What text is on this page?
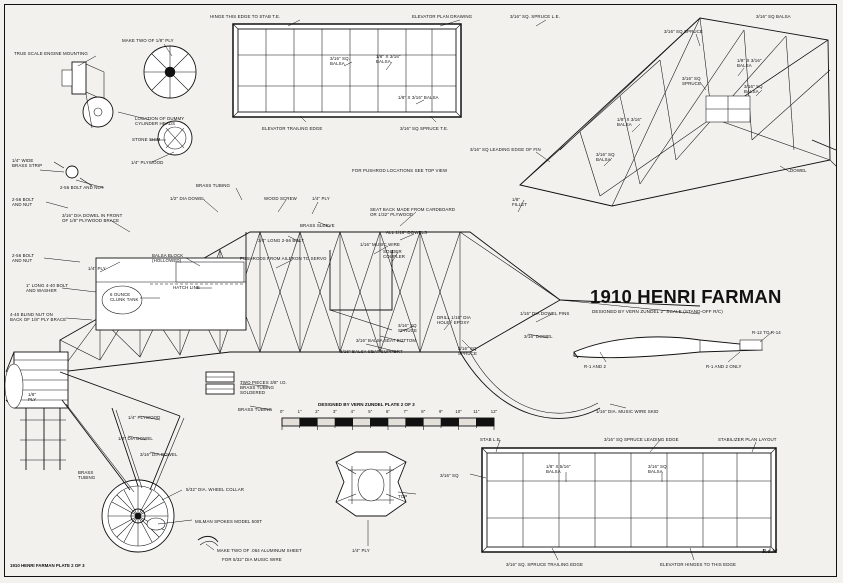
HINGE THIS EDGE TO STAB T.E.	ELEVATOR PLAN DRAWING	3/16" SQ. SPRUCE L.E.	3/16" SQ BALSA
3/16" SQ SPRUCE
3/16" SQ.
BALSA
1/8" X 3/16"
BALSA	1/8" X 3/16"
BALSA
3/16" SQ
SPRUCE
1/8" X 3/16" BALSA
3/16" SQ
BALSA
ELEVATOR TRAILING EDGE	3/16" SQ SPRUCE T.E.
1/8" X 3/16"
BALSA
3/16" SQ LEADING EDGE OF FIN
3/16" SQ
BALSA
DOWEL
FOR PUSHROD LOCATIONS SEE TOP VIEW
TRUE SCALE ENGINE MOUNTING
MAKE TWO OF 1/8" PLY
LOCATION OF DUMMY
CYLINDER HEADS
STONE SHIM
1/4" PLYWOOD
1/4" WIDE
BRASS STRIP
2-56 BOLT AND NUT
2-56 BOLT
AND NUT
3/16" DIA DOWEL IN FRONT
OF 1/8" PLYWOOD BRACE
2-56 BOLT
AND NUT
1/4" PLY
1" LONG 4-40 BOLT
AND WASHER
4-40 BLIND NUT ON
BACK OF 1/8" PLY BRACE
1/8"
PLY
BRASS
TUBING
1/4" PLYWOOD
1/2" DIA DOWEL
3/16" DIA DOWEL
5/32" DIA. WHEEL COLLAR
MILMAN SPOKES MODEL 500T
MAKE TWO OF .064 ALUMINUM SHEET
FOR 5/32" DIA MUSIC WIRE
BRASS TUBING
1/2" DIA DOWEL	WOOD SCREW	1/4" PLY
BRASS SLEEVE
3/4" LONG 2-56 BOLT
BALSA BLOCK
(HOLLOWED)
HATCH LINE
6 OUNCE
CLUNK TANK
PUSHRODS FROM AILERON TO SERVO
SOLDER
COUPLER
SEAT BACK MADE FROM CARDBOARD
OR 1/32" PLYWOOD
ALL 1/16" DOWELS
1/16" MUSIC WIRE
3/16" SQ
SPRUCE
3/16" BALSA SEAT BOTTOM
3/16" BALSA SEAT SUPPORT
DRILL 1/16" DIA
HOLE - EPOXY
3/16" SQ
SPRUCE
1/16" DIA DOWEL PINS
3/16" DOWEL
1/8"
FILLET
TWO PIECES 3/8" I.D.
BRASS TUBING
SOLDERED
BRASS TUBING
TOP
1/4" PLY
1/16" DIA. MUSIC WIRE SKID
R-12 TO R-14
R-1 AND 2	R-1 AND 2 ONLY
STAB L.E.	3/16" SQ SPRUCE LEADING EDGE	STABILIZER PLAN LAYOUT
3/16" SQ
1/8" X 5/16"
BALSA
3/16" SQ
BALSA
3/16" SQ. SPRUCE TRAILING EDGE	ELEVATOR HINGES TO THIS EDGE
1910 HENRI FARMAN
DESIGNED BY VERN ZUNDEL 2" SCALE (STAND-OFF R/C)
1910 HENRI FARMAN PLATE 2 OF 3
DESIGNED BY VERN ZUNDEL PLATE 2 OF 3
R.d.M
0"	1"	2"	3"	4"	5"	6"	7"	8"	9"	10"	11"	12"
